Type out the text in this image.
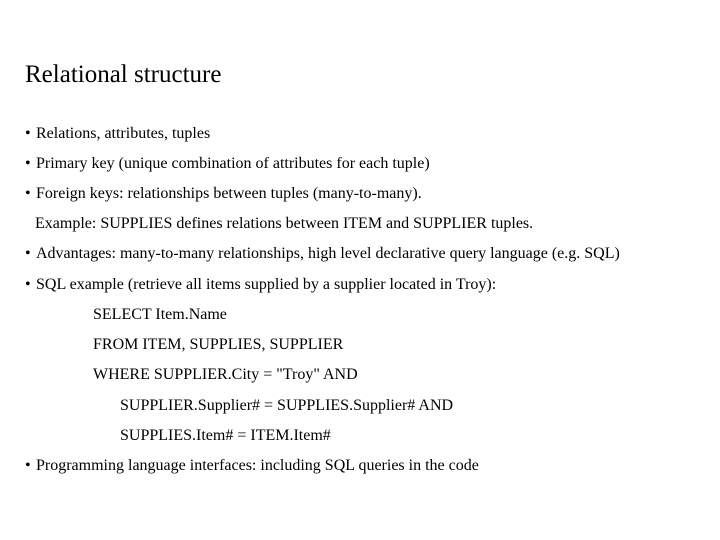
Relational structure
• Relations, attributes, tuples
• Primary key (unique combination of attributes for each tuple)
• Foreign keys: relationships between tuples (many-to-many).
Example: SUPPLIES defines relations between ITEM and SUPPLIER tuples.
• Advantages: many-to-many relationships, high level declarative query language (e.g. SQL)
• SQL example (retrieve all items supplied by a supplier located in Troy):
SELECT Item.Name
FROM ITEM, SUPPLIES, SUPPLIER
WHERE SUPPLIER.City = "Troy" AND
SUPPLIER.Supplier# = SUPPLIES.Supplier# AND
SUPPLIES.Item# = ITEM.Item#
• Programming language interfaces: including SQL queries in the code
